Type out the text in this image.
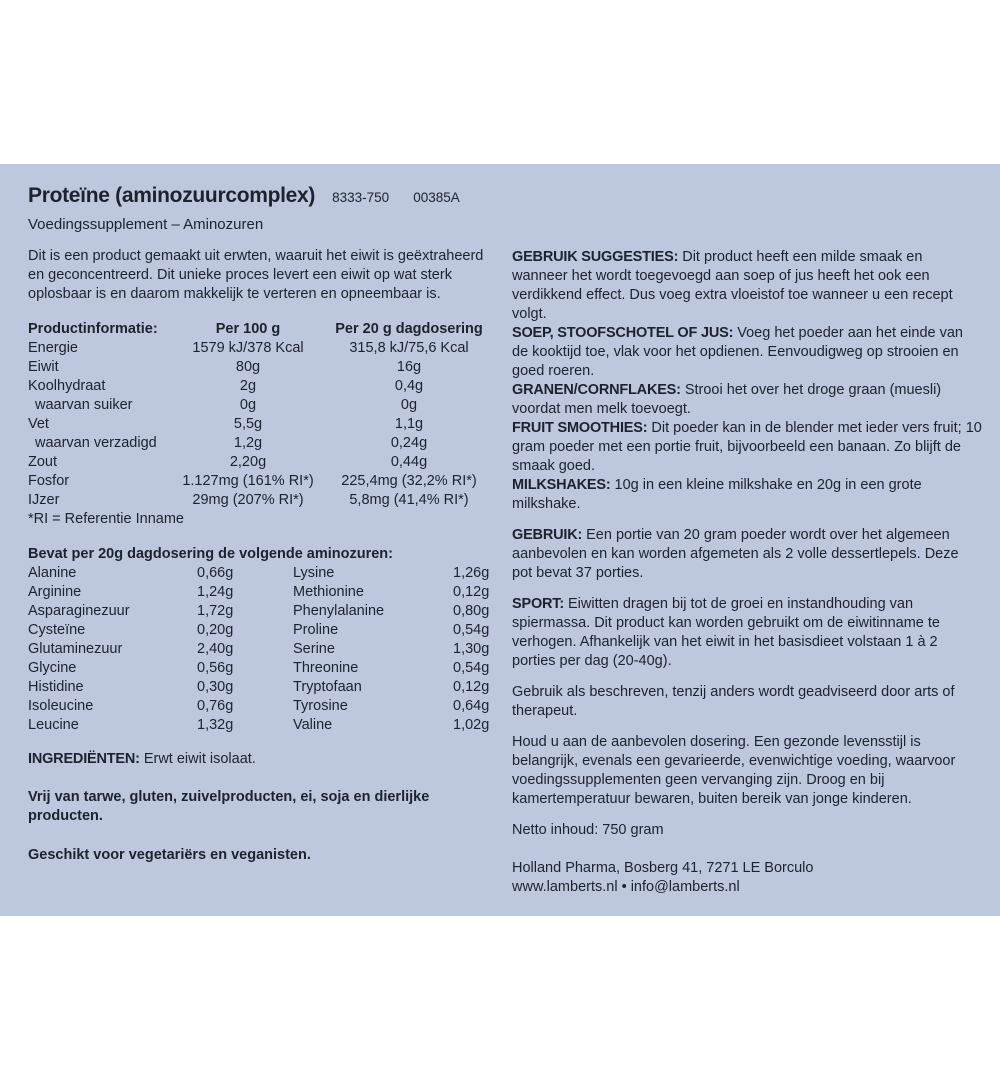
Proteïne (aminozuurcomplex) 8333-750 00385A
Voedingssupplement – Aminozuren

Dit is een product gemaakt uit erwten, waaruit het eiwit is geëxtraheerd en geconcentreerd. Dit unieke proces levert een eiwit op wat sterk oplosbaar is en daarom makkelijk te verteren en opneembaar is.

Productinformatie:	Per 100 g	Per 20 g dagdosering
Energie	1579 kJ/378 Kcal	315,8 kJ/75,6 Kcal
Eiwit	80g	16g
Koolhydraat	2g	0,4g
waarvan suiker	0g	0g
Vet	5,5g	1,1g
waarvan verzadigd	1,2g	0,24g
Zout	2,20g	0,44g
Fosfor	1.127mg (161% RI*)	225,4mg (32,2% RI*)
IJzer	29mg (207% RI*)	5,8mg (41,4% RI*)

*RI = Referentie Inname

Bevat per 20g dagdosering de volgende aminozuren:

Alanine	0,66g	Lysine	1,26g
Arginine	1,24g	Methionine	0,12g
Asparaginezuur	1,72g	Phenylalanine	0,80g
Cysteïne	0,20g	Proline	0,54g
Glutaminezuur	2,40g	Serine	1,30g
Glycine	0,56g	Threonine	0,54g
Histidine	0,30g	Tryptofaan	0,12g
Isoleucine	0,76g	Tyrosine	0,64g
Leucine	1,32g	Valine	1,02g

INGREDIËNTEN: Erwt eiwit isolaat.

Vrij van tarwe, gluten, zuivelproducten, ei, soja en dierlijke producten.

Geschikt voor vegetariërs en veganisten.

GEBRUIK SUGGESTIES: Dit product heeft een milde smaak en wanneer het wordt toegevoegd aan soep of jus heeft het ook een verdikkend effect. Dus voeg extra vloeistof toe wanneer u een recept volgt.

SOEP, STOOFSCHOTEL OF JUS: Voeg het poeder aan het einde van de kooktijd toe, vlak voor het opdienen. Eenvoudigweg op strooien en goed roeren.

GRANEN/CORNFLAKES: Strooi het over het droge graan (muesli) voordat men melk toevoegt.

FRUIT SMOOTHIES: Dit poeder kan in de blender met ieder vers fruit; 10 gram poeder met een portie fruit, bijvoorbeeld een banaan. Zo blijft de smaak goed.

MILKSHAKES: 10g in een kleine milkshake en 20g in een grote milkshake.

GEBRUIK: Een portie van 20 gram poeder wordt over het algemeen aanbevolen en kan worden afgemeten als 2 volle dessertlepels. Deze pot bevat 37 porties.

SPORT: Eiwitten dragen bij tot de groei en instandhouding van spiermassa. Dit product kan worden gebruikt om de eiwitinname te verhogen. Afhankelijk van het eiwit in het basisdieet volstaan 1 à 2 porties per dag (20-40g).

Gebruik als beschreven, tenzij anders wordt geadviseerd door arts of therapeut.

Houd u aan de aanbevolen dosering. Een gezonde levensstijl is belangrijk, evenals een gevarieerde, evenwichtige voeding, waarvoor voedingssupplementen geen vervanging zijn. Droog en bij kamertemperatuur bewaren, buiten bereik van jonge kinderen.

Netto inhoud: 750 gram

Holland Pharma, Bosberg 41, 7271 LE Borculo

www.lamberts.nl • info@lamberts.nl
